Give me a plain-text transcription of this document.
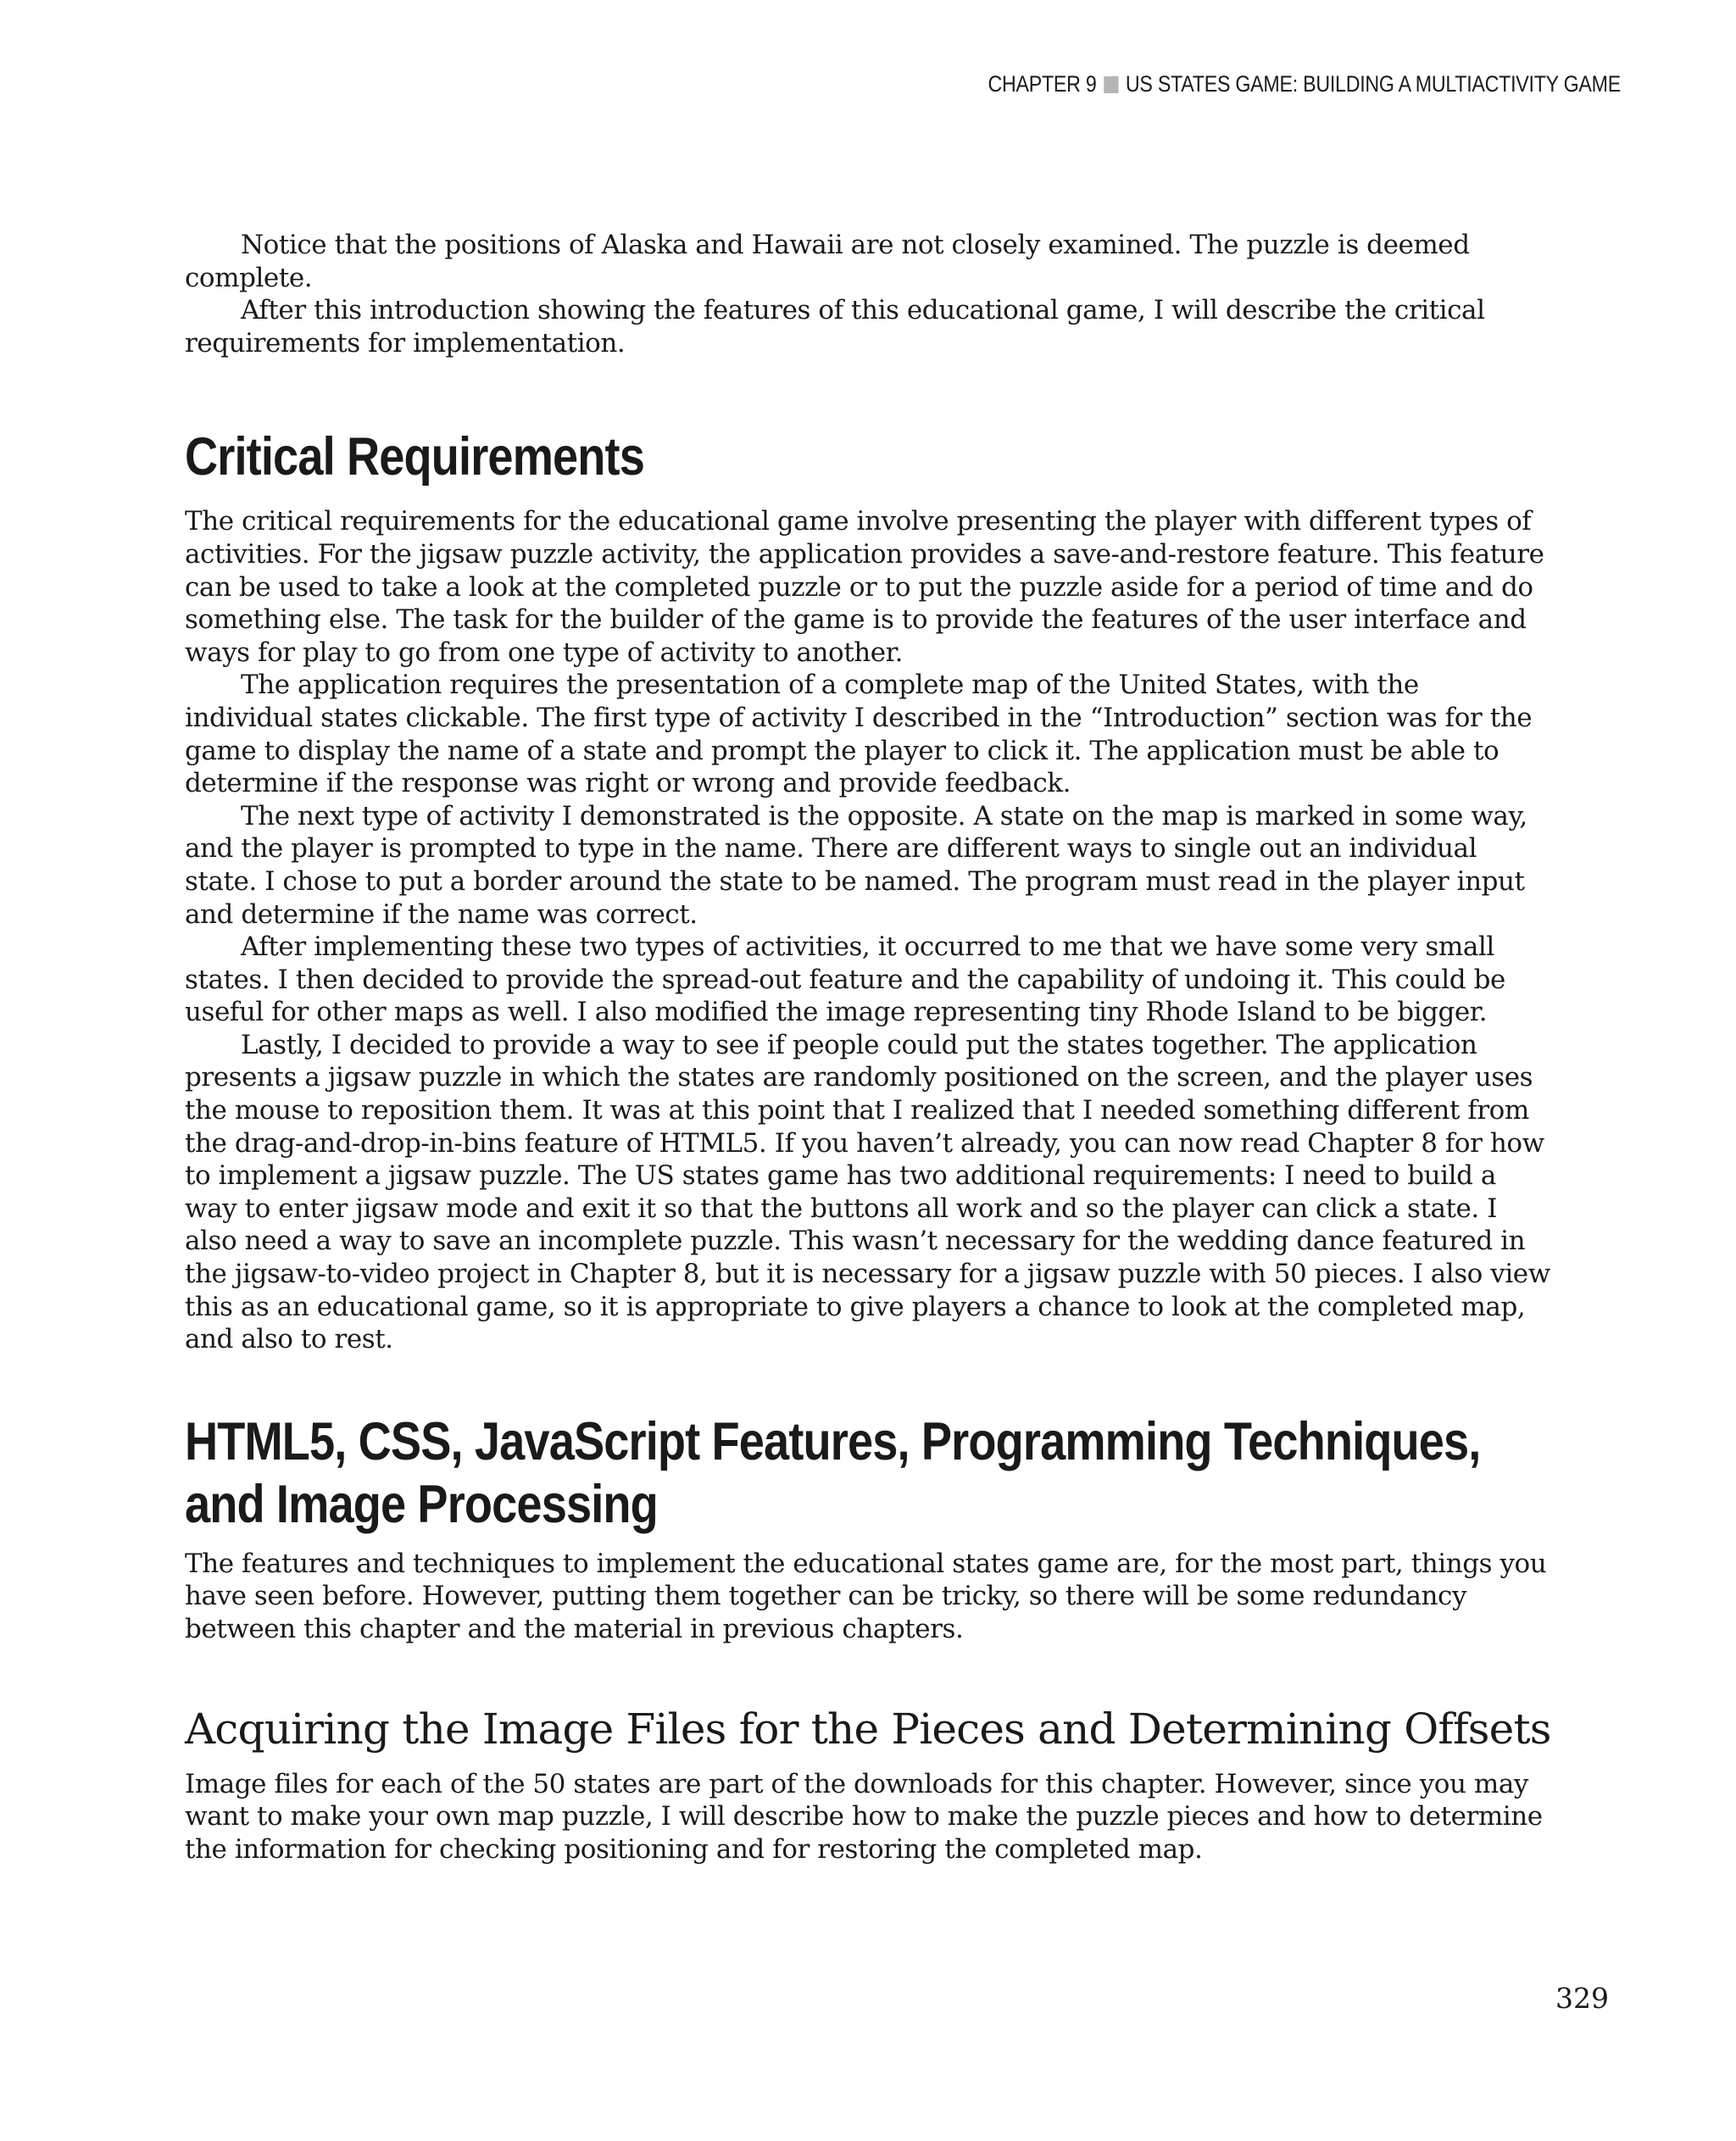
CHAPTER 9 US STATES GAME: BUILDING A MULTIACTIVITY GAME

Notice that the positions of Alaska and Hawaii are not closely examined. The puzzle is deemed complete.

After this introduction showing the features of this educational game, I will describe the critical requirements for implementation.

Critical Requirements

The critical requirements for the educational game involve presenting the player with different types of activities. For the jigsaw puzzle activity, the application provides a save-and-restore feature. This feature can be used to take a look at the completed puzzle or to put the puzzle aside for a period of time and do something else. The task for the builder of the game is to provide the features of the user interface and ways for play to go from one type of activity to another.

The application requires the presentation of a complete map of the United States, with the individual states clickable. The first type of activity I described in the “Introduction” section was for the game to display the name of a state and prompt the player to click it. The application must be able to determine if the response was right or wrong and provide feedback.

The next type of activity I demonstrated is the opposite. A state on the map is marked in some way, and the player is prompted to type in the name. There are different ways to single out an individual state. I chose to put a border around the state to be named. The program must read in the player input and determine if the name was correct.

After implementing these two types of activities, it occurred to me that we have some very small states. I then decided to provide the spread-out feature and the capability of undoing it. This could be useful for other maps as well. I also modified the image representing tiny Rhode Island to be bigger.

Lastly, I decided to provide a way to see if people could put the states together. The application presents a jigsaw puzzle in which the states are randomly positioned on the screen, and the player uses the mouse to reposition them. It was at this point that I realized that I needed something different from the drag-and-drop-in-bins feature of HTML5. If you haven’t already, you can now read Chapter 8 for how to implement a jigsaw puzzle. The US states game has two additional requirements: I need to build a way to enter jigsaw mode and exit it so that the buttons all work and so the player can click a state. I also need a way to save an incomplete puzzle. This wasn’t necessary for the wedding dance featured in the jigsaw-to-video project in Chapter 8, but it is necessary for a jigsaw puzzle with 50 pieces. I also view this as an educational game, so it is appropriate to give players a chance to look at the completed map, and also to rest.

HTML5, CSS, JavaScript Features, Programming Techniques, and Image Processing

The features and techniques to implement the educational states game are, for the most part, things you have seen before. However, putting them together can be tricky, so there will be some redundancy between this chapter and the material in previous chapters.

Acquiring the Image Files for the Pieces and Determining Offsets

Image files for each of the 50 states are part of the downloads for this chapter. However, since you may want to make your own map puzzle, I will describe how to make the puzzle pieces and how to determine the information for checking positioning and for restoring the completed map.

329
